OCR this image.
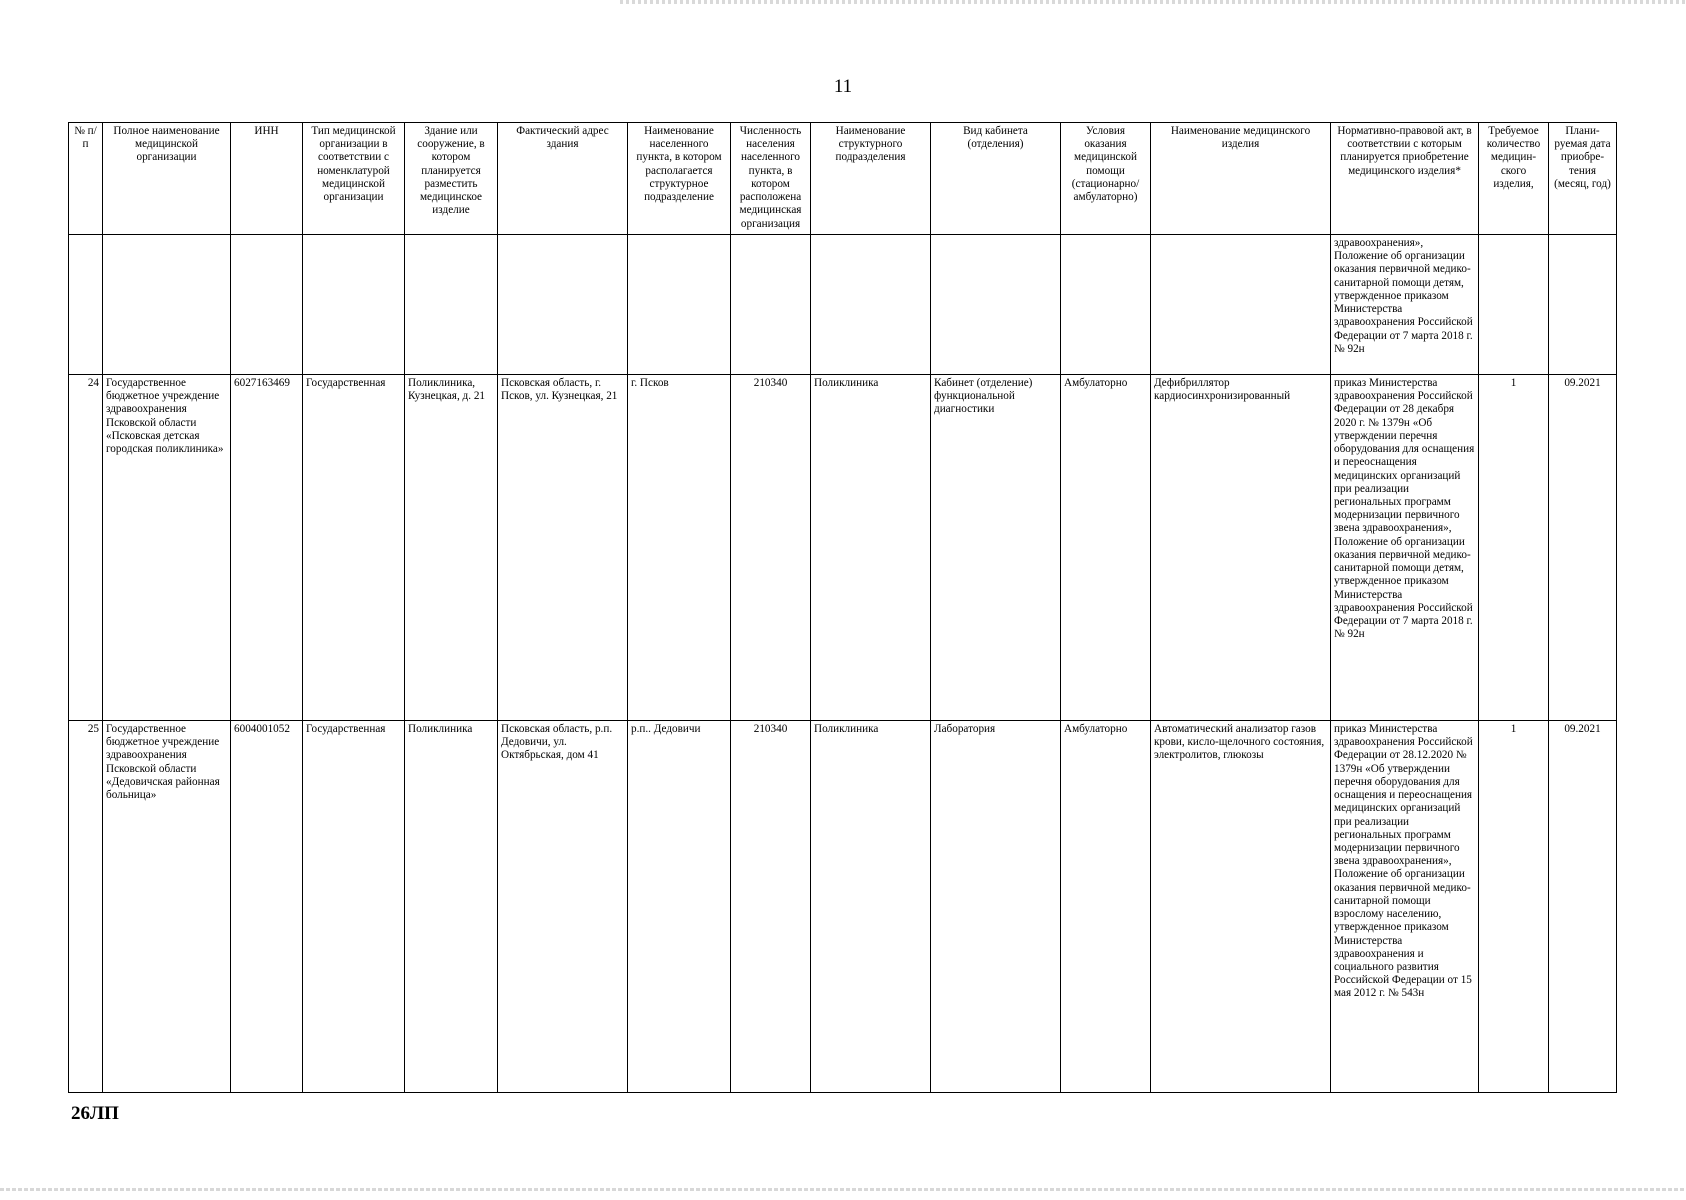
11
№ п/п	Полное наименование медицинской организации	ИНН	Тип медицинской организации в соответствии с номенклатурой медицинской организации	Здание или сооружение, в котором планируется разместить медицинское изделие	Фактический адрес здания	Наименование населенного пункта, в котором располагается структурное подразделение	Численность населения населенного пункта, в котором расположена медицинская организация	Наименование структурного подразделения	Вид кабинета (отделения)	Условия оказания медицинской помощи (стационарно/ амбулаторно)	Наименование медицинского изделия	Нормативно-правовой акт, в соответствии с которым планируется приобретение медицинского изделия*	Требуемое количество медицин-ского изделия,	Плани-руемая дата приобре-тения (месяц, год)
												здравоохранения», Положение об организации оказания первичной медико-санитарной помощи детям, утвержденное приказом Министерства здравоохранения Российской Федерации от 7 марта 2018 г. № 92н		
24	Государственное бюджетное учреждение здравоохранения Псковской области «Псковская детская городская поликлиника»	6027163469	Государственная	Поликлиника, Кузнецкая, д. 21	Псковская область, г. Псков, ул. Кузнецкая, 21	г. Псков	210340	Поликлиника	Кабинет (отделение) функциональной диагностики	Амбулаторно	Дефибриллятор кардиосинхронизированный	приказ Министерства здравоохранения Российской Федерации от 28 декабря 2020 г. № 1379н «Об утверждении перечня оборудования для оснащения и переоснащения медицинских организаций при реализации региональных программ модернизации первичного звена здравоохранения», Положение об организации оказания первичной медико-санитарной помощи детям, утвержденное приказом Министерства здравоохранения Российской Федерации от 7 марта 2018 г. № 92н	1	09.2021
25	Государственное бюджетное учреждение здравоохранения Псковской области «Дедовичская районная больница»	6004001052	Государственная	Поликлиника	Псковская область, р.п. Дедовичи, ул. Октябрьская, дом 41	р.п.. Дедовичи	210340	Поликлиника	Лаборатория	Амбулаторно	Автоматический анализатор газов крови, кисло-щелочного состояния, электролитов, глюкозы	приказ Министерства здравоохранения Российской Федерации от 28.12.2020 № 1379н «Об утверждении перечня оборудования для оснащения и переоснащения медицинских организаций при реализации региональных программ модернизации первичного звена здравоохранения», Положение об организации оказания первичной медико-санитарной помощи взрослому населению, утвержденное приказом Министерства здравоохранения и социального развития Российской Федерации от 15 мая 2012 г. № 543н	1	09.2021
26ЛП
